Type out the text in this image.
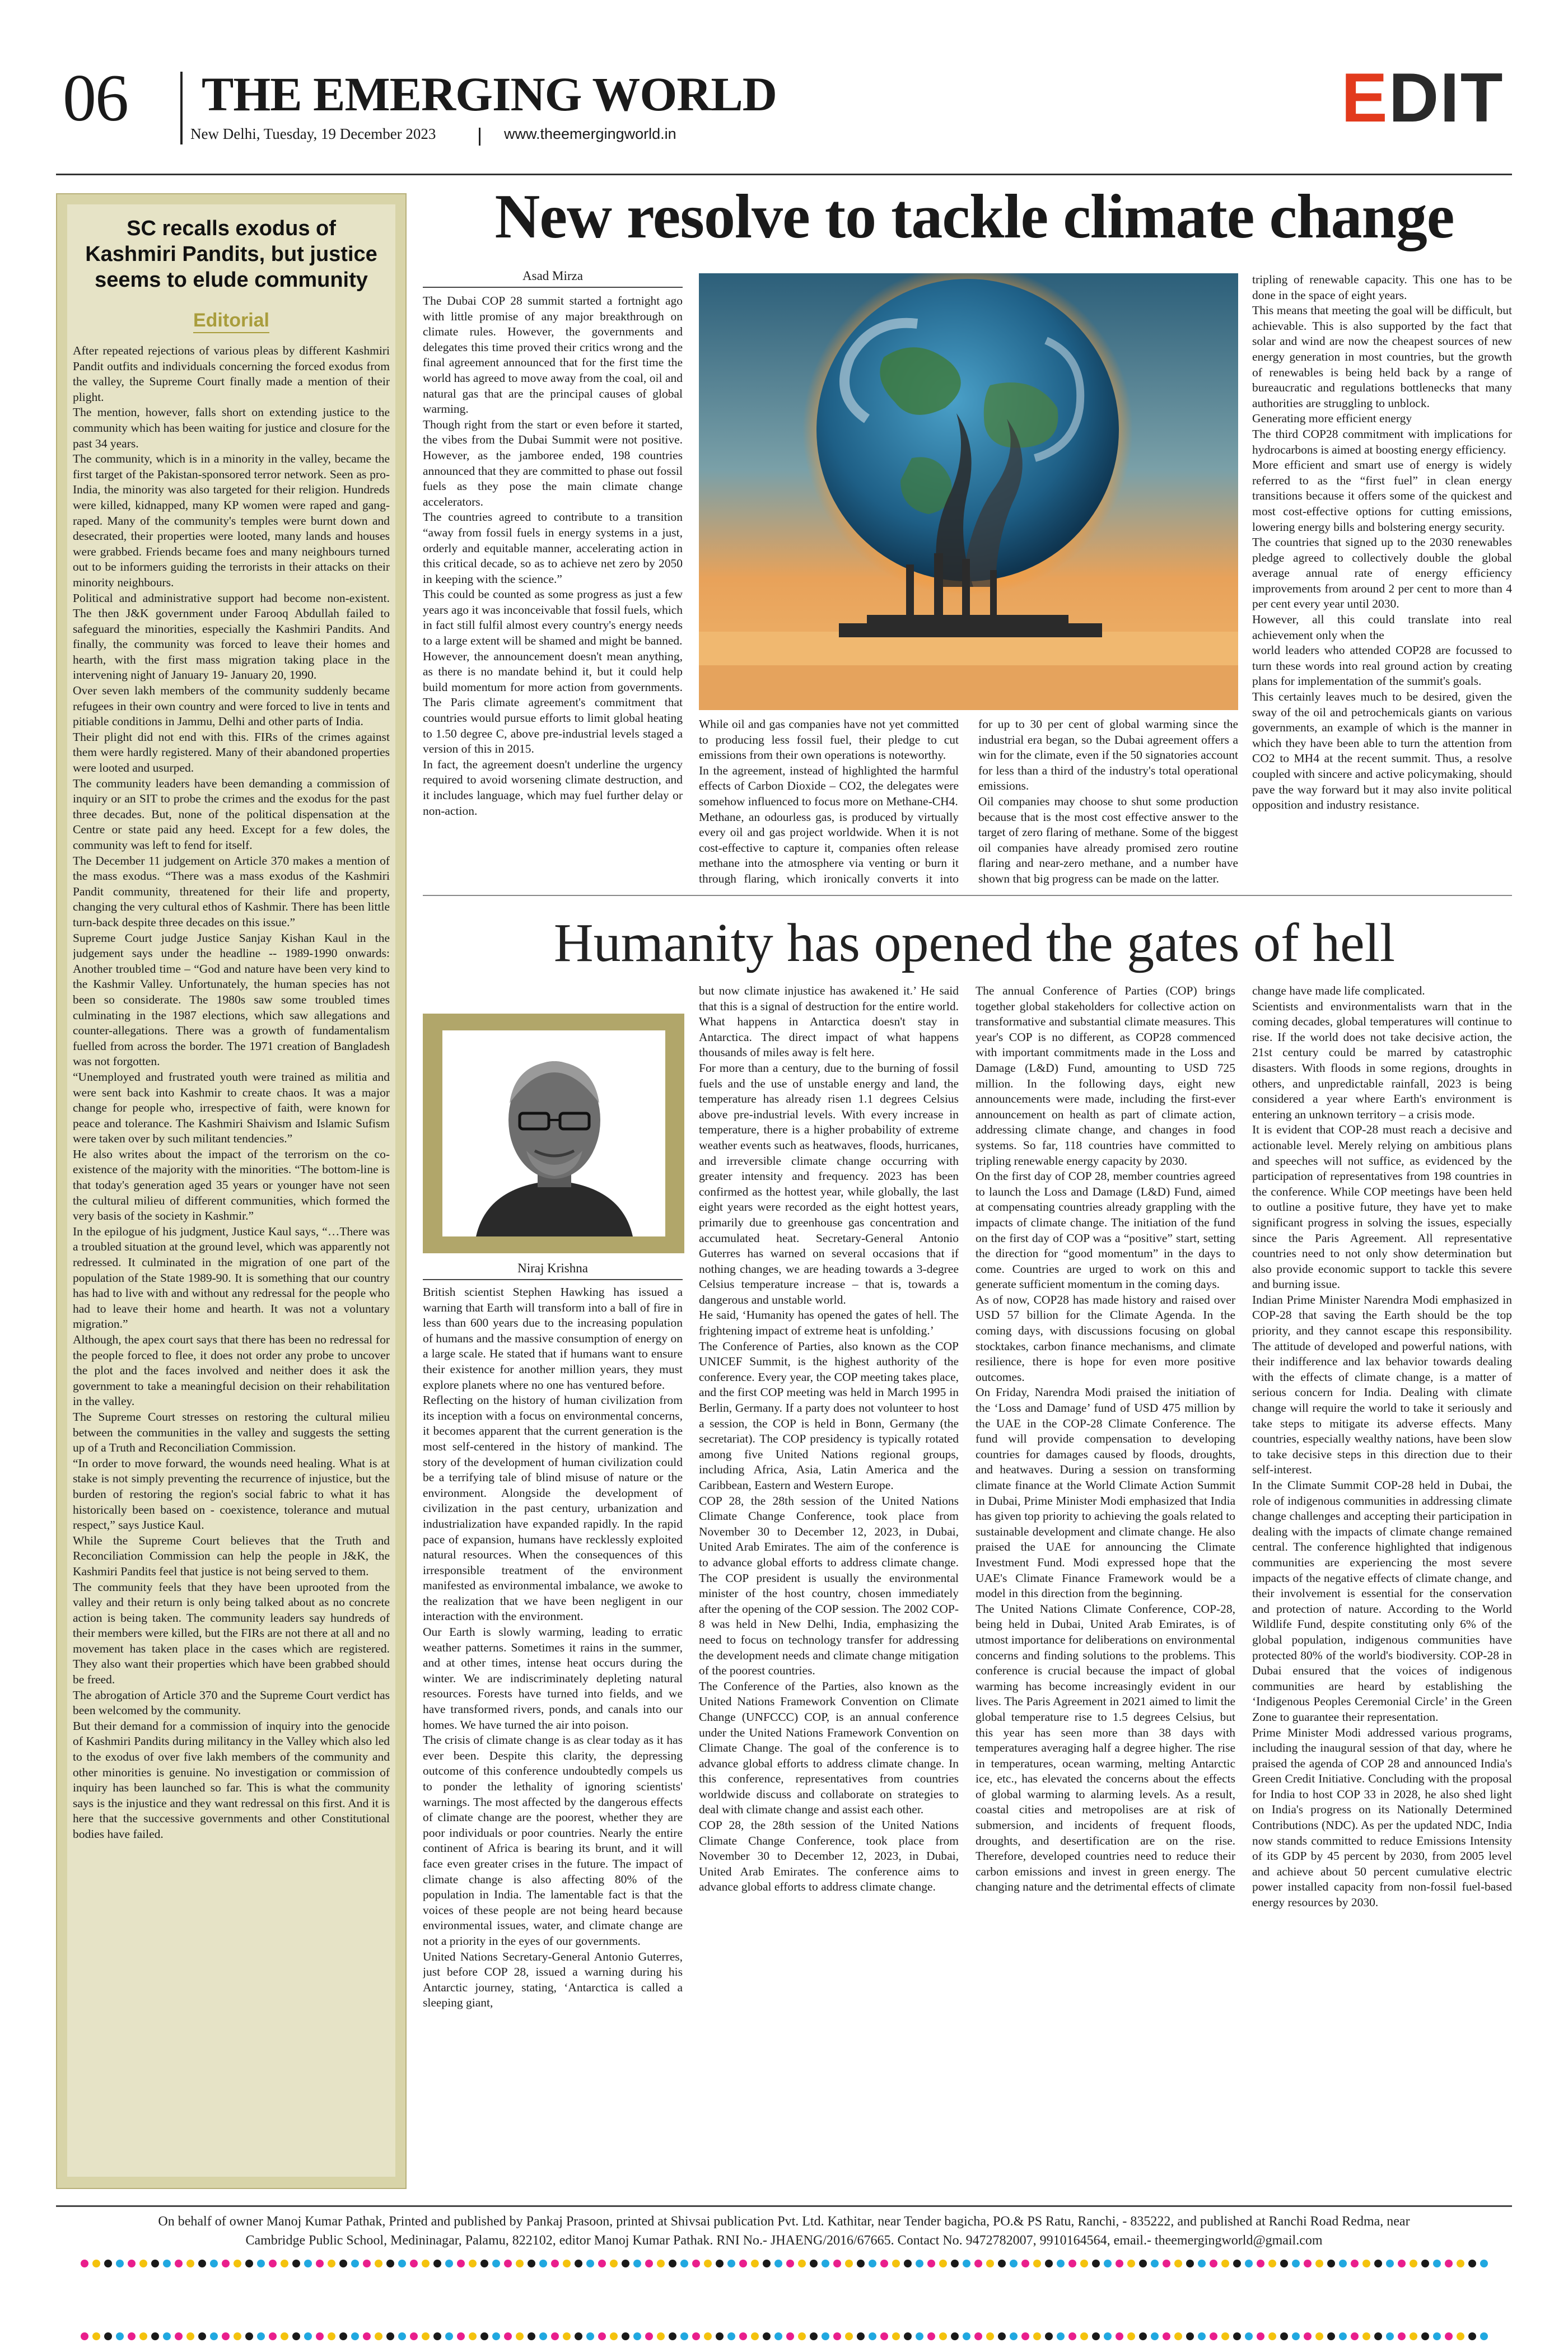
06 THE EMERGING WORLD
New Delhi, Tuesday, 19 December 2023	www.theemergingworld.in	EDIT
SC recalls exodus of Kashmiri Pandits, but justice seems to elude community
Editorial

After repeated rejections of various pleas by different Kashmiri Pandit outfits and individuals concerning the forced exodus from the valley, the Supreme Court finally made a mention of their plight.

The mention, however, falls short on extending justice to the community which has been waiting for justice and closure for the past 34 years.

The community, which is in a minority in the valley, became the first target of the Pakistan-sponsored terror network. Seen as pro-India, the minority was also targeted for their religion. Hundreds were killed, kidnapped, many KP women were raped and gang-raped. Many of the community's temples were burnt down and desecrated, their properties were looted, many lands and houses were grabbed. Friends became foes and many neighbours turned out to be informers guiding the terrorists in their attacks on their minority neighbours.

Political and administrative support had become non-existent. The then J&K government under Farooq Abdullah failed to safeguard the minorities, especially the Kashmiri Pandits. And finally, the community was forced to leave their homes and hearth, with the first mass migration taking place in the intervening night of January 19- January 20, 1990.

Over seven lakh members of the community suddenly became refugees in their own country and were forced to live in tents and pitiable conditions in Jammu, Delhi and other parts of India.

Their plight did not end with this. FIRs of the crimes against them were hardly registered. Many of their abandoned properties were looted and usurped.

The community leaders have been demanding a commission of inquiry or an SIT to probe the crimes and the exodus for the past three decades. But, none of the political dispensation at the Centre or state paid any heed. Except for a few doles, the community was left to fend for itself.

The December 11 judgement on Article 370 makes a mention of the mass exodus. “There was a mass exodus of the Kashmiri Pandit community, threatened for their life and property, changing the very cultural ethos of Kashmir. There has been little turn-back despite three decades on this issue.”

Supreme Court judge Justice Sanjay Kishan Kaul in the judgement says under the headline -- 1989-1990 onwards: Another troubled time – “God and nature have been very kind to the Kashmir Valley. Unfortunately, the human species has not been so considerate. The 1980s saw some troubled times culminating in the 1987 elections, which saw allegations and counter-allegations. There was a growth of fundamentalism fuelled from across the border. The 1971 creation of Bangladesh was not forgotten.

“Unemployed and frustrated youth were trained as militia and were sent back into Kashmir to create chaos. It was a major change for people who, irrespective of faith, were known for peace and tolerance. The Kashmiri Shaivism and Islamic Sufism were taken over by such militant tendencies.”

He also writes about the impact of the terrorism on the co-existence of the majority with the minorities. “The bottom-line is that today's generation aged 35 years or younger have not seen the cultural milieu of different communities, which formed the very basis of the society in Kashmir.”

In the epilogue of his judgment, Justice Kaul says, “…There was a troubled situation at the ground level, which was apparently not redressed. It culminated in the migration of one part of the population of the State 1989-90. It is something that our country has had to live with and without any redressal for the people who had to leave their home and hearth. It was not a voluntary migration.”

Although, the apex court says that there has been no redressal for the people forced to flee, it does not order any probe to uncover the plot and the faces involved and neither does it ask the government to take a meaningful decision on their rehabilitation in the valley.

The Supreme Court stresses on restoring the cultural milieu between the communities in the valley and suggests the setting up of a Truth and Reconciliation Commission.

“In order to move forward, the wounds need healing. What is at stake is not simply preventing the recurrence of injustice, but the burden of restoring the region's social fabric to what it has historically been based on - coexistence, tolerance and mutual respect,” says Justice Kaul.

While the Supreme Court believes that the Truth and Reconciliation Commission can help the people in J&K, the Kashmiri Pandits feel that justice is not being served to them.

The community feels that they have been uprooted from the valley and their return is only being talked about as no concrete action is being taken. The community leaders say hundreds of their members were killed, but the FIRs are not there at all and no movement has taken place in the cases which are registered. They also want their properties which have been grabbed should be freed.

The abrogation of Article 370 and the Supreme Court verdict has been welcomed by the community.

But their demand for a commission of inquiry into the genocide of Kashmiri Pandits during militancy in the Valley which also led to the exodus of over five lakh members of the community and other minorities is genuine. No investigation or commission of inquiry has been launched so far. This is what the community says is the injustice and they want redressal on this first. And it is here that the successive governments and other Constitutional bodies have failed.

New resolve to tackle climate change
Asad Mirza

The Dubai COP 28 summit started a fortnight ago with little promise of any major breakthrough on climate rules. However, the governments and delegates this time proved their critics wrong and the final agreement announced that for the first time the world has agreed to move away from the coal, oil and natural gas that are the principal causes of global warming.

Though right from the start or even before it started, the vibes from the Dubai Summit were not positive. However, as the jamboree ended, 198 countries announced that they are committed to phase out fossil fuels as they pose the main climate change accelerators.

The countries agreed to contribute to a transition “away from fossil fuels in energy systems in a just, orderly and equitable manner, accelerating action in this critical decade, so as to achieve net zero by 2050 in keeping with the science.”

This could be counted as some progress as just a few years ago it was inconceivable that fossil fuels, which in fact still fulfil almost every country's energy needs to a large extent will be shamed and might be banned.

However, the announcement doesn't mean anything, as there is no mandate behind it, but it could help build momentum for more action from governments. The Paris climate agreement's commitment that countries would pursue efforts to limit global heating to 1.50 degree C, above pre-industrial levels staged a version of this in 2015.

In fact, the agreement doesn't underline the urgency required to avoid worsening climate destruction, and it includes language, which may fuel further delay or non-action.

While oil and gas companies have not yet committed to producing less fossil fuel, their pledge to cut emissions from their own operations is noteworthy.

In the agreement, instead of highlighted the harmful effects of Carbon Dioxide – CO2, the delegates were somehow influenced to focus more on Methane-CH4.

Methane, an odourless gas, is produced by virtually every oil and gas project worldwide. When it is not cost-effective to capture it, companies often release methane into the atmosphere via venting or burn it through flaring, which ironically converts it into

for up to 30 per cent of global warming since the industrial era began, so the Dubai agreement offers a win for the climate, even if the 50 signatories account for less than a third of the industry's total operational emissions.

Oil companies may choose to shut some production because that is the most cost effective answer to the target of zero flaring of methane. Some of the biggest oil companies have already promised zero routine flaring and near-zero methane, and a number have shown that big progress can be made on the latter.

tripling of renewable capacity. This one has to be done in the space of eight years.

This means that meeting the goal will be difficult, but achievable. This is also supported by the fact that solar and wind are now the cheapest sources of new energy generation in most countries, but the growth of renewables is being held back by a range of bureaucratic and regulations bottlenecks that many authorities are struggling to unblock.

Generating more efficient energy

The third COP28 commitment with implications for hydrocarbons is aimed at boosting energy efficiency.

More efficient and smart use of energy is widely referred to as the “first fuel” in clean energy transitions because it offers some of the quickest and most cost-effective options for cutting emissions, lowering energy bills and bolstering energy security.

The countries that signed up to the 2030 renewables pledge agreed to collectively double the global average annual rate of energy efficiency improvements from around 2 per cent to more than 4 per cent every year until 2030.

However, all this could translate into real achievement only when the

world leaders who attended COP28 are focussed to turn these words into real ground action by creating plans for implementation of the summit's goals.

This certainly leaves much to be desired, given the sway of the oil and petrochemicals giants on various governments, an example of which is the manner in which they have been able to turn the attention from CO2 to MH4 at the recent summit. Thus, a resolve coupled with sincere and active policymaking, should pave the way forward but it may also invite political opposition and industry resistance.

Humanity has opened the gates of hell
Niraj Krishna

British scientist Stephen Hawking has issued a warning that Earth will transform into a ball of fire in less than 600 years due to the increasing population of humans and the massive consumption of energy on a large scale. He stated that if humans want to ensure their existence for another million years, they must explore planets where no one has ventured before.

Reflecting on the history of human civilization from its inception with a focus on environmental concerns, it becomes apparent that the current generation is the most self-centered in the history of mankind. The story of the development of human civilization could be a terrifying tale of blind misuse of nature or the environment. Alongside the development of civilization in the past century, urbanization and industrialization have expanded rapidly. In the rapid pace of expansion, humans have recklessly exploited natural resources. When the consequences of this irresponsible treatment of the environment manifested as environmental imbalance, we awoke to the realization that we have been negligent in our interaction with the environment.

Our Earth is slowly warming, leading to erratic weather patterns. Sometimes it rains in the summer, and at other times, intense heat occurs during the winter. We are indiscriminately depleting natural resources. Forests have turned into fields, and we have transformed rivers, ponds, and canals into our homes. We have turned the air into poison.

The crisis of climate change is as clear today as it has ever been. Despite this clarity, the depressing outcome of this conference undoubtedly compels us to ponder the lethality of ignoring scientists' warnings. The most affected by the dangerous effects of climate change are the poorest, whether they are poor individuals or poor countries. Nearly the entire continent of Africa is bearing its brunt, and it will face even greater crises in the future. The impact of climate change is also affecting 80% of the population in India. The lamentable fact is that the voices of these people are not being heard because environmental issues, water, and climate change are not a priority in the eyes of our governments.

United Nations Secretary-General Antonio Guterres, just before COP 28, issued a warning during his Antarctic journey, stating, ‘Antarctica is called a sleeping giant,

but now climate injustice has awakened it.’ He said that this is a signal of destruction for the entire world. What happens in Antarctica doesn't stay in Antarctica. The direct impact of what happens thousands of miles away is felt here.

For more than a century, due to the burning of fossil fuels and the use of unstable energy and land, the temperature has already risen 1.1 degrees Celsius above pre-industrial levels. With every increase in temperature, there is a higher probability of extreme weather events such as heatwaves, floods, hurricanes, and irreversible climate change occurring with greater intensity and frequency. 2023 has been confirmed as the hottest year, while globally, the last eight years were recorded as the eight hottest years, primarily due to greenhouse gas concentration and accumulated heat. Secretary-General Antonio Guterres has warned on several occasions that if nothing changes, we are heading towards a 3-degree Celsius temperature increase – that is, towards a dangerous and unstable world.

He said, ‘Humanity has opened the gates of hell. The frightening impact of extreme heat is unfolding.’

The Conference of Parties, also known as the COP UNICEF Summit, is the highest authority of the conference. Every year, the COP meeting takes place, and the first COP meeting was held in March 1995 in Berlin, Germany. If a party does not volunteer to host a session, the COP is held in Bonn, Germany (the secretariat). The COP presidency is typically rotated among five United Nations regional groups, including Africa, Asia, Latin America and the Caribbean, Eastern and Western Europe.

COP 28, the 28th session of the United Nations Climate Change Conference, took place from November 30 to December 12, 2023, in Dubai, United Arab Emirates. The aim of the conference is to advance global efforts to address climate change. The COP president is usually the environmental minister of the host country, chosen immediately after the opening of the COP session. The 2002 COP-8 was held in New Delhi, India, emphasizing the need to focus on technology transfer for addressing the development needs and climate change mitigation of the poorest countries.

The Conference of the Parties, also known as the United Nations Framework Convention on Climate Change (UNFCCC) COP, is an annual conference under the United Nations Framework Convention on Climate Change. The goal of the conference is to advance global efforts to address climate change. In this conference, representatives from countries worldwide discuss and collaborate on strategies to deal with climate change and assist each other.

COP 28, the 28th session of the United Nations Climate Change Conference, took place from November 30 to December 12, 2023, in Dubai, United Arab Emirates. The conference aims to advance global efforts to address climate change.

The annual Conference of Parties (COP) brings together global stakeholders for collective action on transformative and substantial climate measures. This year's COP is no different, as COP28 commenced with important commitments made in the Loss and Damage (L&D) Fund, amounting to USD 725 million. In the following days, eight new announcements were made, including the first-ever announcement on health as part of climate action, addressing climate change, and changes in food systems. So far, 118 countries have committed to tripling renewable energy capacity by 2030.

On the first day of COP 28, member countries agreed to launch the Loss and Damage (L&D) Fund, aimed at compensating countries already grappling with the impacts of climate change. The initiation of the fund on the first day of COP was a “positive” start, setting the direction for “good momentum” in the days to come. Countries are urged to work on this and generate sufficient momentum in the coming days.

As of now, COP28 has made history and raised over USD 57 billion for the Climate Agenda. In the coming days, with discussions focusing on global stocktakes, carbon finance mechanisms, and climate resilience, there is hope for even more positive outcomes.

On Friday, Narendra Modi praised the initiation of the ‘Loss and Damage’ fund of USD 475 million by the UAE in the COP-28 Climate Conference. The fund will provide compensation to developing countries for damages caused by floods, droughts, and heatwaves. During a session on transforming climate finance at the World Climate Action Summit in Dubai, Prime Minister Modi emphasized that India has given top priority to achieving the goals related to sustainable development and climate change. He also praised the UAE for announcing the Climate Investment Fund. Modi expressed hope that the UAE's Climate Finance Framework would be a model in this direction from the beginning.

The United Nations Climate Conference, COP-28, being held in Dubai, United Arab Emirates, is of utmost importance for deliberations on environmental concerns and finding solutions to the problems. This conference is crucial because the impact of global warming has become increasingly evident in our lives. The Paris Agreement in 2021 aimed to limit the global temperature rise to 1.5 degrees Celsius, but this year has seen more than 38 days with temperatures averaging half a degree higher. The rise in temperatures, ocean warming, melting Antarctic ice, etc., has elevated the concerns about the effects of global warming to alarming levels. As a result, coastal cities and metropolises are at risk of submersion, and incidents of frequent floods, droughts, and desertification are on the rise. Therefore, developed countries need to reduce their carbon emissions and invest in green energy. The changing nature and the detrimental effects of climate

change have made life complicated.

Scientists and environmentalists warn that in the coming decades, global temperatures will continue to rise. If the world does not take decisive action, the 21st century could be marred by catastrophic disasters. With floods in some regions, droughts in others, and unpredictable rainfall, 2023 is being considered a year where Earth's environment is entering an unknown territory – a crisis mode.

It is evident that COP-28 must reach a decisive and actionable level. Merely relying on ambitious plans and speeches will not suffice, as evidenced by the participation of representatives from 198 countries in the conference. While COP meetings have been held to outline a positive future, they have yet to make significant progress in solving the issues, especially since the Paris Agreement. All representative countries need to not only show determination but also provide economic support to tackle this severe and burning issue.

Indian Prime Minister Narendra Modi emphasized in COP-28 that saving the Earth should be the top priority, and they cannot escape this responsibility. The attitude of developed and powerful nations, with their indifference and lax behavior towards dealing with the effects of climate change, is a matter of serious concern for India. Dealing with climate change will require the world to take it seriously and take steps to mitigate its adverse effects. Many countries, especially wealthy nations, have been slow to take decisive steps in this direction due to their self-interest.

In the Climate Summit COP-28 held in Dubai, the role of indigenous communities in addressing climate change challenges and accepting their participation in dealing with the impacts of climate change remained central. The conference highlighted that indigenous communities are experiencing the most severe impacts of the negative effects of climate change, and their involvement is essential for the conservation and protection of nature. According to the World Wildlife Fund, despite constituting only 6% of the global population, indigenous communities have protected 80% of the world's biodiversity. COP-28 in Dubai ensured that the voices of indigenous communities are heard by establishing the ‘Indigenous Peoples Ceremonial Circle’ in the Green Zone to guarantee their representation.

Prime Minister Modi addressed various programs, including the inaugural session of that day, where he praised the agenda of COP 28 and announced India's Green Credit Initiative. Concluding with the proposal for India to host COP 33 in 2028, he also shed light on India's progress on its Nationally Determined Contributions (NDC). As per the updated NDC, India now stands committed to reduce Emissions Intensity of its GDP by 45 percent by 2030, from 2005 level and achieve about 50 percent cumulative electric power installed capacity from non-fossil fuel-based energy resources by 2030.

On behalf of owner Manoj Kumar Pathak, Printed and published by Pankaj Prasoon, printed at Shivsai publication Pvt. Ltd. Kathitar, near Tender bagicha, PO.& PS Ratu, Ranchi, - 835222, and published at Ranchi Road Redma, near
Cambridge Public School, Medininagar, Palamu, 822102, editor Manoj Kumar Pathak. RNI No.- JHAENG/2016/67665. Contact No. 9472782007, 9910164564, email.- theemergingworld@gmail.com
